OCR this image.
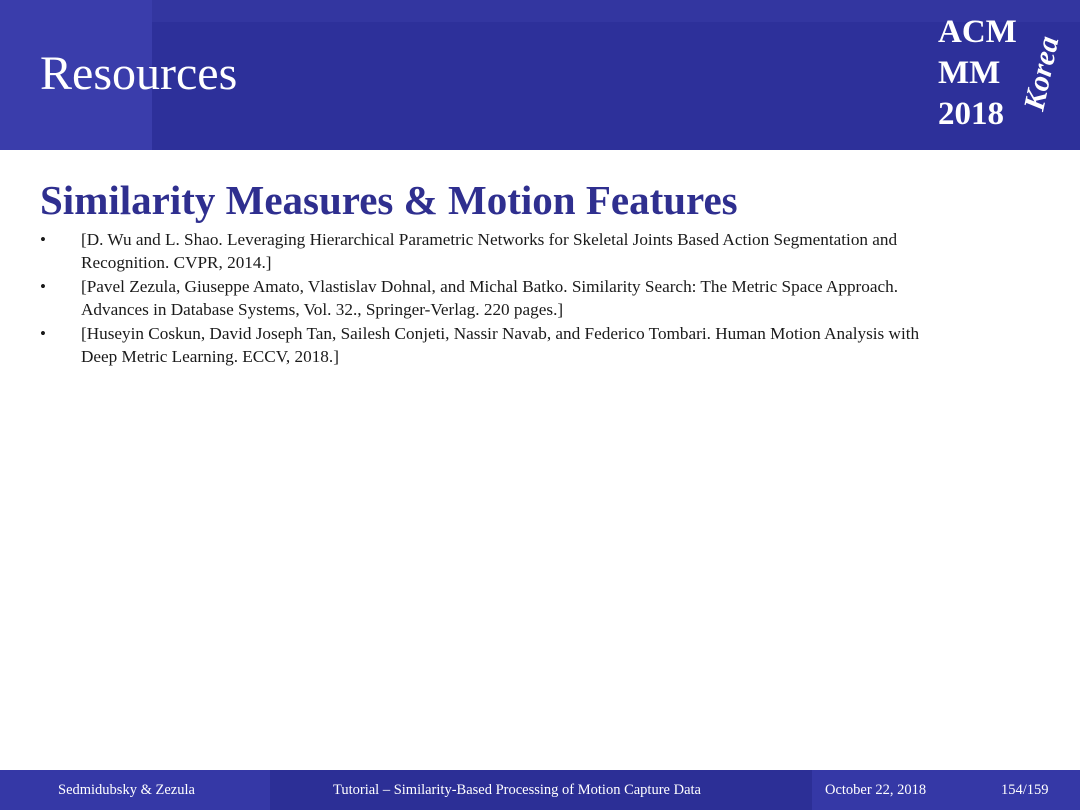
Resources
ACM
MM
2018
Korea
Similarity Measures & Motion Features
•	[D. Wu and L. Shao. Leveraging Hierarchical Parametric Networks for Skeletal Joints Based Action Segmentation and
Recognition. CVPR, 2014.]
•	[Pavel Zezula, Giuseppe Amato, Vlastislav Dohnal, and Michal Batko. Similarity Search: The Metric Space Approach.
Advances in Database Systems, Vol. 32., Springer-Verlag. 220 pages.]
•	[Huseyin Coskun, David Joseph Tan, Sailesh Conjeti, Nassir Navab, and Federico Tombari. Human Motion Analysis with
Deep Metric Learning. ECCV, 2018.]
Sedmidubsky & Zezula	Tutorial – Similarity-Based Processing of Motion Capture Data	October 22, 2018	154/159
